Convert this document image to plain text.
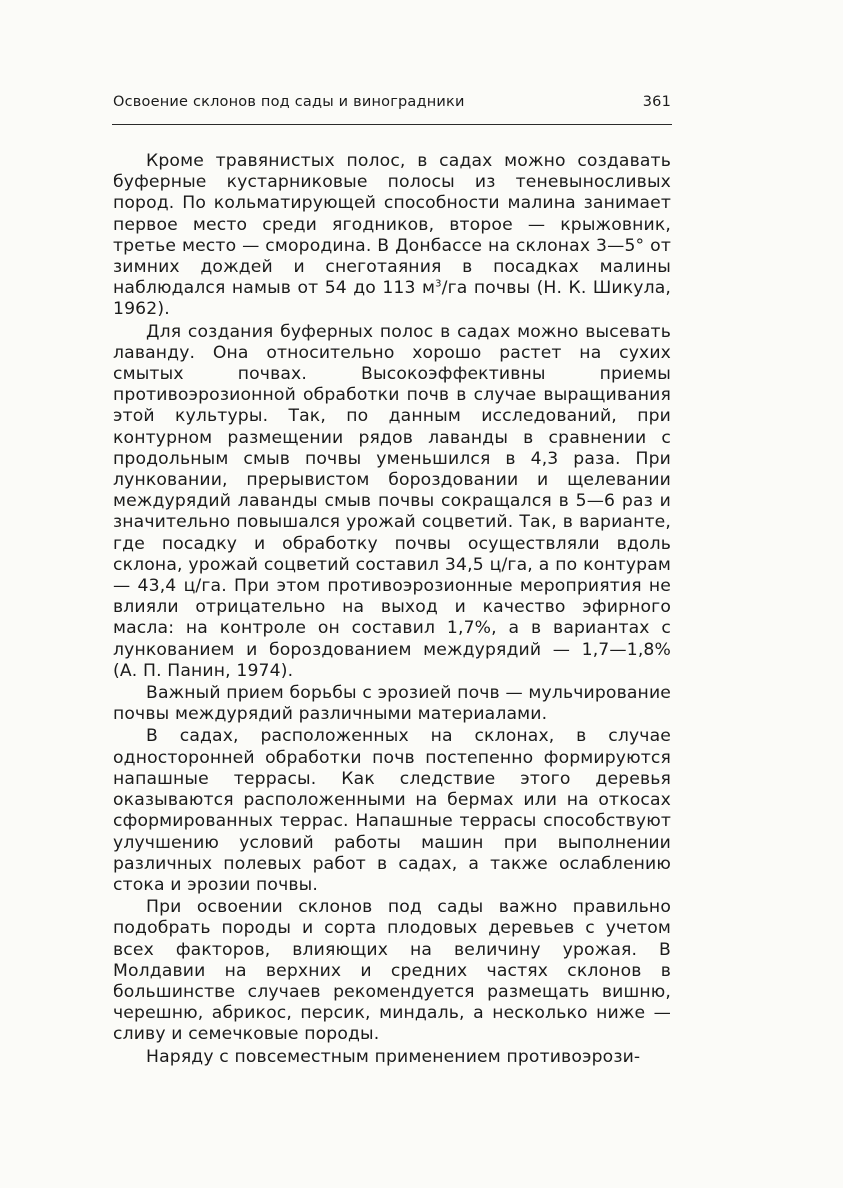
Освоение склонов под сады и виноградники	361

Кроме травянистых полос, в садах можно создавать буферные кустарниковые полосы из теневыносливых пород. По кольматирующей способности малина занимает первое место среди ягодников, второе — крыжовник, третье место — смородина. В Донбассе на склонах 3—5° от зимних дождей и снеготаяния в посадках малины наблюдался намыв от 54 до 113 $м^3/га$ почвы (Н. К. Шикула, 1962).

Для создания буферных полос в садах можно высевать лаванду. Она относительно хорошо растет на сухих смытых почвах. Высокоэффективны приемы противоэрозионной обработки почв в случае выращивания этой культуры. Так, по данным исследований, при контурном размещении рядов лаванды в сравнении с продольным смыв почвы уменьшился в 4,3 раза. При лунковании, прерывистом бороздовании и щелевании междурядий лаванды смыв почвы сокращался в 5—6 раз и значительно повышался урожай соцветий. Так, в варианте, где посадку и обработку почвы осуществляли вдоль склона, урожай соцветий составил 34,5 ц/га, а по контурам — 43,4 ц/га. При этом противоэрозионные мероприятия не влияли отрицательно на выход и качество эфирного масла: на контроле он составил 1,7%, а в вариантах с лункованием и бороздованием междурядий — 1,7—1,8% (А. П. Панин, 1974).

Важный прием борьбы с эрозией почв — мульчирование почвы междурядий различными материалами.

В садах, расположенных на склонах, в случае односторонней обработки почв постепенно формируются напашные террасы. Как следствие этого деревья оказываются расположенными на бермах или на откосах сформированных террас. Напашные террасы способствуют улучшению условий работы машин при выполнении различных полевых работ в садах, а также ослаблению стока и эрозии почвы.

При освоении склонов под сады важно правильно подобрать породы и сорта плодовых деревьев с учетом всех факторов, влияющих на величину урожая. В Молдавии на верхних и средних частях склонов в большинстве случаев рекомендуется размещать вишню, черешню, абрикос, персик, миндаль, а несколько ниже — сливу и семечковые породы.

Наряду с повсеместным применением противоэрози-
